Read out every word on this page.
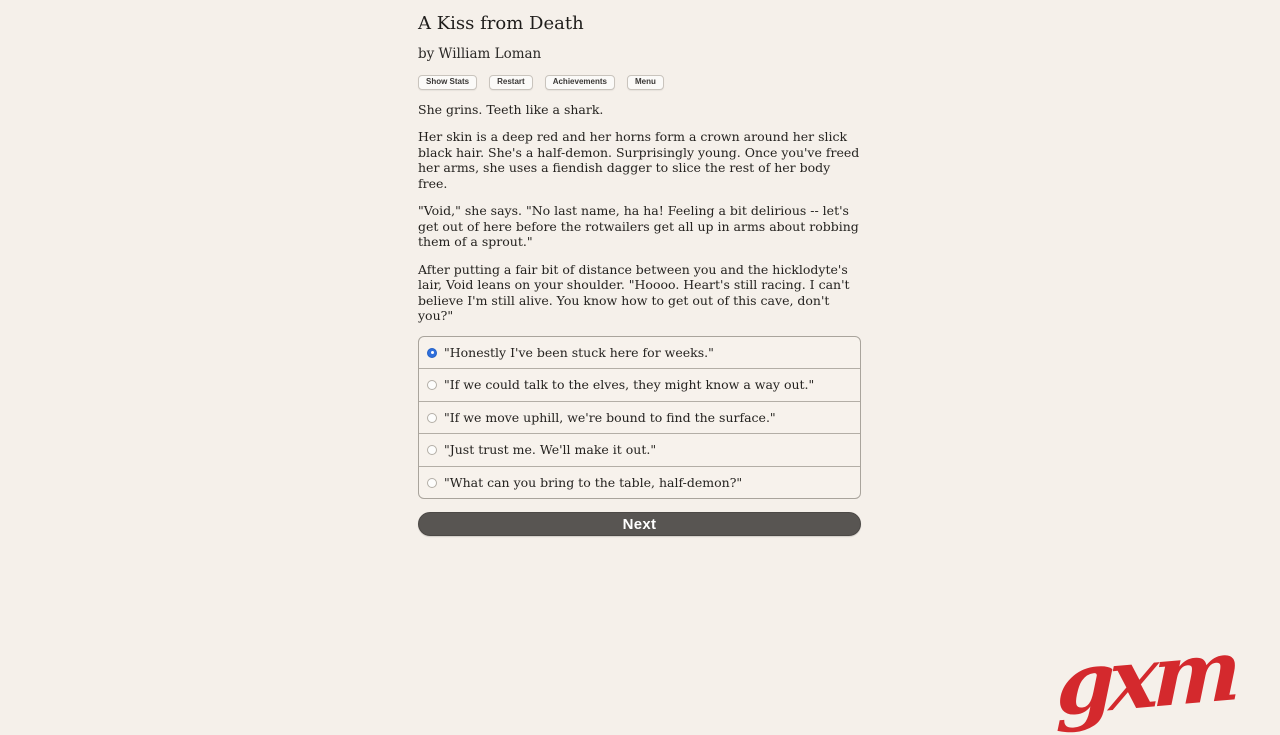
A Kiss from Death

by William Loman

Show Stats	Restart	Achievements	Menu

She grins. Teeth like a shark.

Her skin is a deep red and her horns form a crown around her slick black hair. She's a half-demon. Surprisingly young. Once you've freed her arms, she uses a fiendish dagger to slice the rest of her body free.

"Void," she says. "No last name, ha ha! Feeling a bit delirious -- let's get out of here before the rotwailers get all up in arms about robbing them of a sprout."

After putting a fair bit of distance between you and the hicklodyte's lair, Void leans on your shoulder. "Hoooo. Heart's still racing. I can't believe I'm still alive. You know how to get out of this cave, don't you?"

"Honestly I've been stuck here for weeks."
"If we could talk to the elves, they might know a way out."
"If we move uphill, we're bound to find the surface."
"Just trust me. We'll make it out."
"What can you bring to the table, half-demon?"
Next
gxm
